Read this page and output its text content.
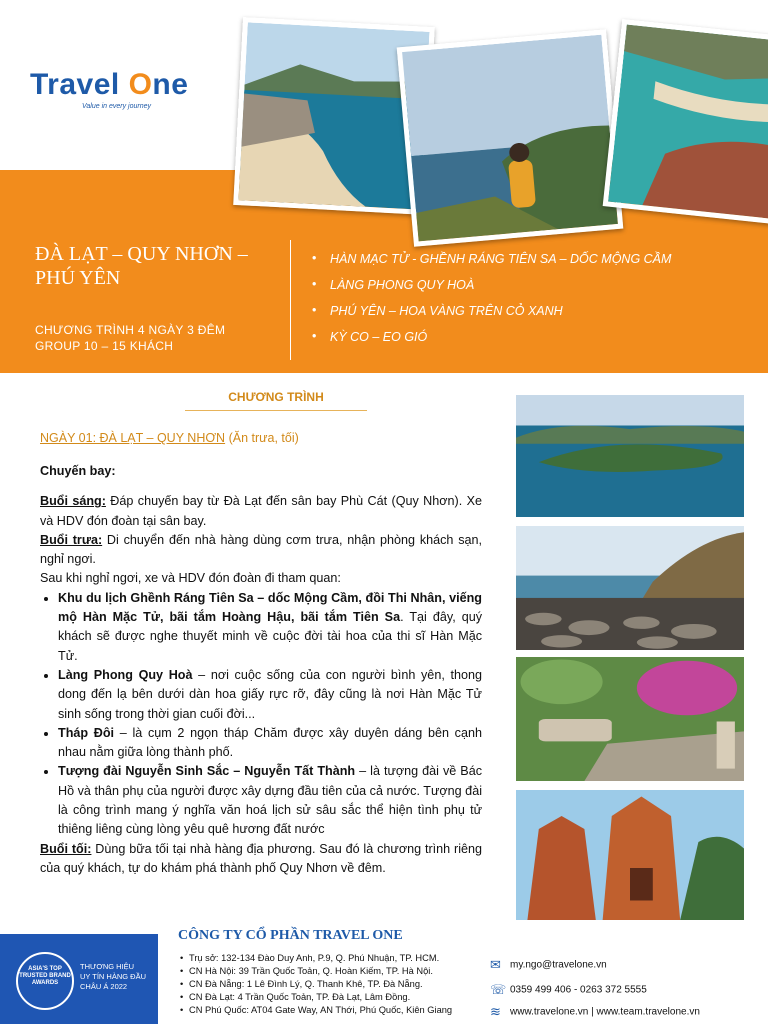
Travel One
Value in every journey
ĐÀ LẠT – QUY NHƠN – PHÚ YÊN
CHƯƠNG TRÌNH 4 NGÀY 3 ĐÊM
GROUP 10 – 15 KHÁCH
• HÀN MẠC TỬ - GHỀNH RÁNG TIÊN SA – DỐC MỘNG CẦM
• LÀNG PHONG QUY HOÀ
• PHÚ YÊN – HOA VÀNG TRÊN CỎ XANH
• KỲ CO – EO GIÓ
CHƯƠNG TRÌNH
NGÀY 01: ĐÀ LẠT – QUY NHƠN (Ăn trưa, tối)

Chuyến bay:

Buổi sáng: Đáp chuyến bay từ Đà Lạt đến sân bay Phù Cát (Quy Nhơn). Xe và HDV đón đoàn tại sân bay.

Buổi trưa: Di chuyển đến nhà hàng dùng cơm trưa, nhận phòng khách sạn, nghỉ ngơi.

Sau khi nghỉ ngơi, xe và HDV đón đoàn đi tham quan:

• Khu du lịch Ghềnh Ráng Tiên Sa – dốc Mộng Cầm, đồi Thi Nhân, viếng mộ Hàn Mặc Tử, bãi tắm Hoàng Hậu, bãi tắm Tiên Sa. Tại đây, quý khách sẽ được nghe thuyết minh về cuộc đời tài hoa của thi sĩ Hàn Mặc Tử.
• Làng Phong Quy Hoà – nơi cuộc sống của con người bình yên, thong dong đến lạ bên dưới dàn hoa giấy rực rỡ, đây cũng là nơi Hàn Mặc Tử sinh sống trong thời gian cuối đời...
• Tháp Đôi – là cụm 2 ngọn tháp Chăm được xây duyên dáng bên cạnh nhau nằm giữa lòng thành phố.
• Tượng đài Nguyễn Sinh Sắc – Nguyễn Tất Thành – là tượng đài về Bác Hồ và thân phụ của người được xây dựng đầu tiên của cả nước. Tượng đài là công trình mang ý nghĩa văn hoá lịch sử sâu sắc thể hiện tình phụ tử thiêng liêng cùng lòng yêu quê hương đất nước

Buổi tối: Dùng bữa tối tại nhà hàng địa phương. Sau đó là chương trình riêng của quý khách, tự do khám phá thành phố Quy Nhơn về đêm.

ASIA'S TOP TRUSTED BRAND AWARDS
THƯƠNG HIỆU
UY TÍN HÀNG ĐẦU
CHÂU Á 2022
CÔNG TY CỔ PHẦN TRAVEL ONE
• Trụ sở: 132-134 Đào Duy Anh, P.9, Q. Phú Nhuận, TP. HCM.
• CN Hà Nội: 39 Trần Quốc Toản, Q. Hoàn Kiếm, TP. Hà Nội.
• CN Đà Nẵng: 1 Lê Đình Lý, Q. Thanh Khê, TP. Đà Nẵng.
• CN Đà Lạt: 4 Trần Quốc Toản, TP. Đà Lạt, Lâm Đồng.
• CN Phú Quốc: AT04 Gate Way, AN Thới, Phú Quốc, Kiên Giang
✉ my.ngo@travelone.vn
☏ 0359 499 406 - 0263 372 5555
≋ www.travelone.vn | www.team.travelone.vn
